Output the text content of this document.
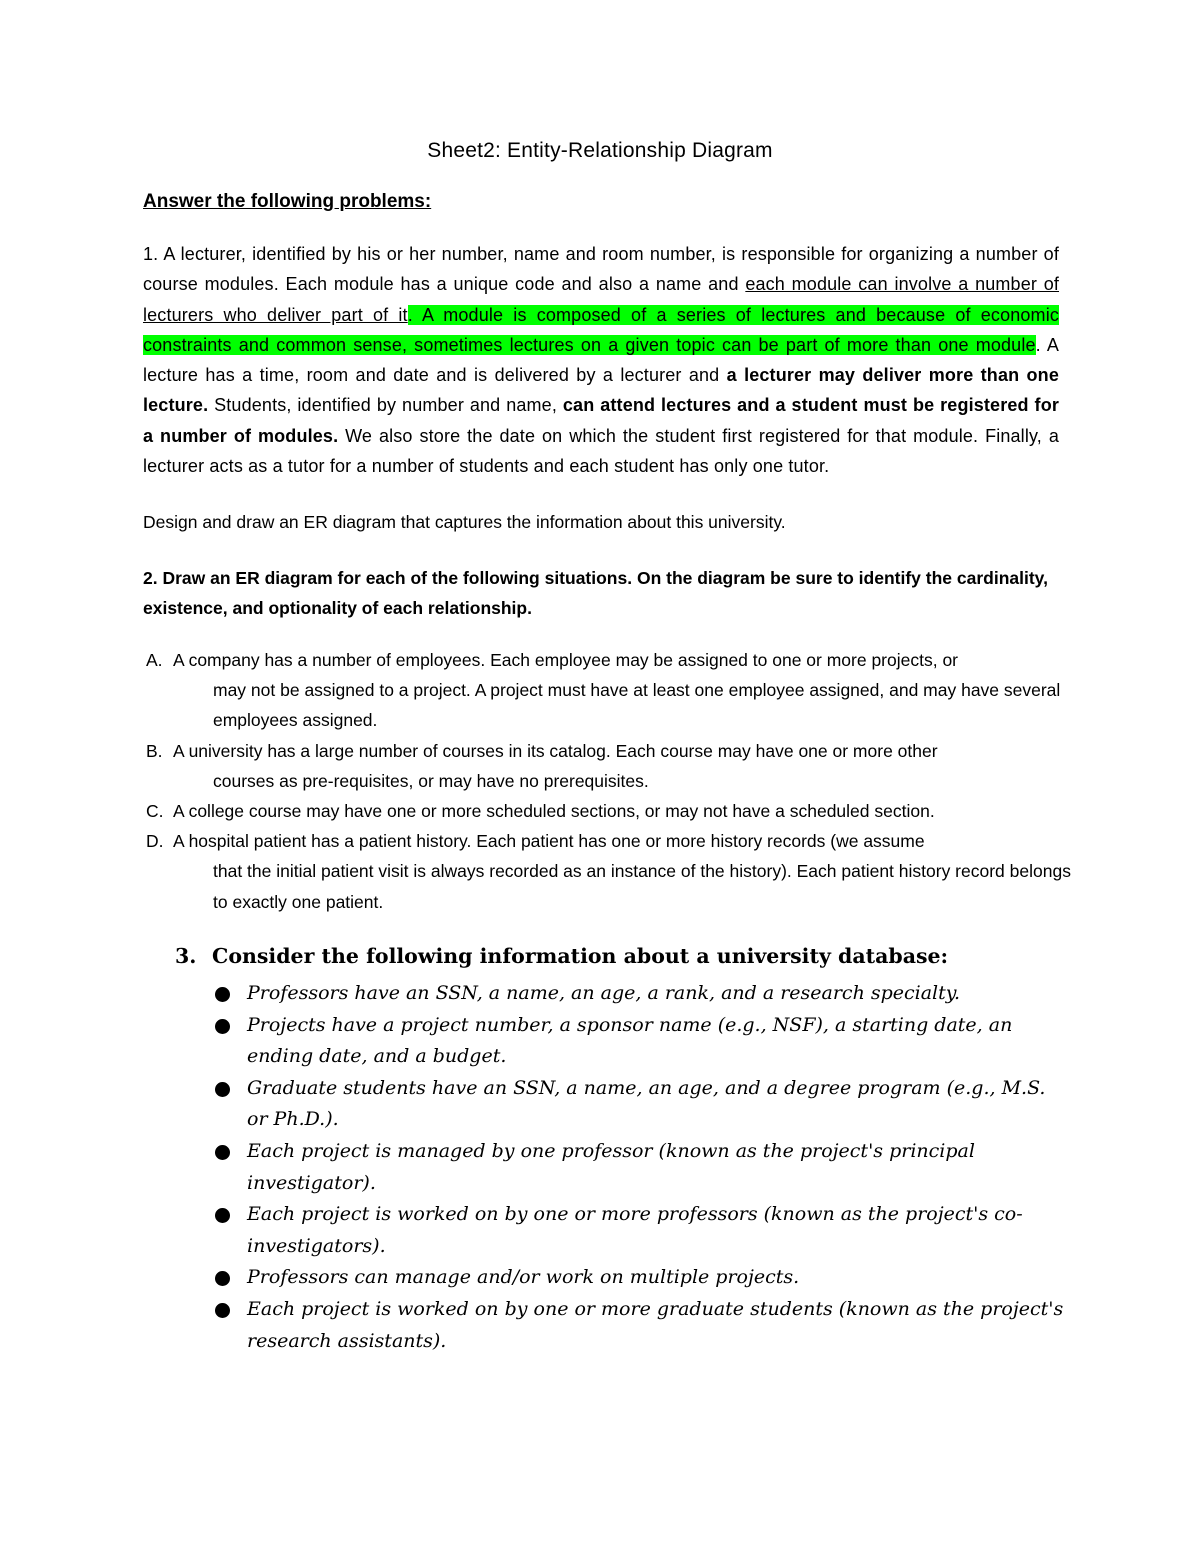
Sheet2: Entity-Relationship Diagram
Answer the following problems:
1. A lecturer, identified by his or her number, name and room number, is responsible for organizing a number of course modules. Each module has a unique code and also a name and each module can involve a number of lecturers who deliver part of it. A module is composed of a series of lectures and because of economic constraints and common sense, sometimes lectures on a given topic can be part of more than one module. A lecture has a time, room and date and is delivered by a lecturer and a lecturer may deliver more than one lecture. Students, identified by number and name, can attend lectures and a student must be registered for a number of modules. We also store the date on which the student first registered for that module. Finally, a lecturer acts as a tutor for a number of students and each student has only one tutor.
Design and draw an ER diagram that captures the information about this university.
2. Draw an ER diagram for each of the following situations. On the diagram be sure to identify the cardinality, existence, and optionality of each relationship.
A. A company has a number of employees. Each employee may be assigned to one or more projects, or
may not be assigned to a project. A project must have at least one employee assigned, and may have several employees assigned.
B. A university has a large number of courses in its catalog. Each course may have one or more other
courses as pre-requisites, or may have no prerequisites.
C. A college course may have one or more scheduled sections, or may not have a scheduled section.
D. A hospital patient has a patient history. Each patient has one or more history records (we assume
that the initial patient visit is always recorded as an instance of the history). Each patient history record belongs to exactly one patient.
3. Consider the following information about a university database:
Professors have an SSN, a name, an age, a rank, and a research specialty.
Projects have a project number, a sponsor name (e.g., NSF), a starting date, an ending date, and a budget.
Graduate students have an SSN, a name, an age, and a degree program (e.g., M.S. or Ph.D.).
Each project is managed by one professor (known as the project's principal investigator).
Each project is worked on by one or more professors (known as the project's co-investigators).
Professors can manage and/or work on multiple projects.
Each project is worked on by one or more graduate students (known as the project's research assistants).
